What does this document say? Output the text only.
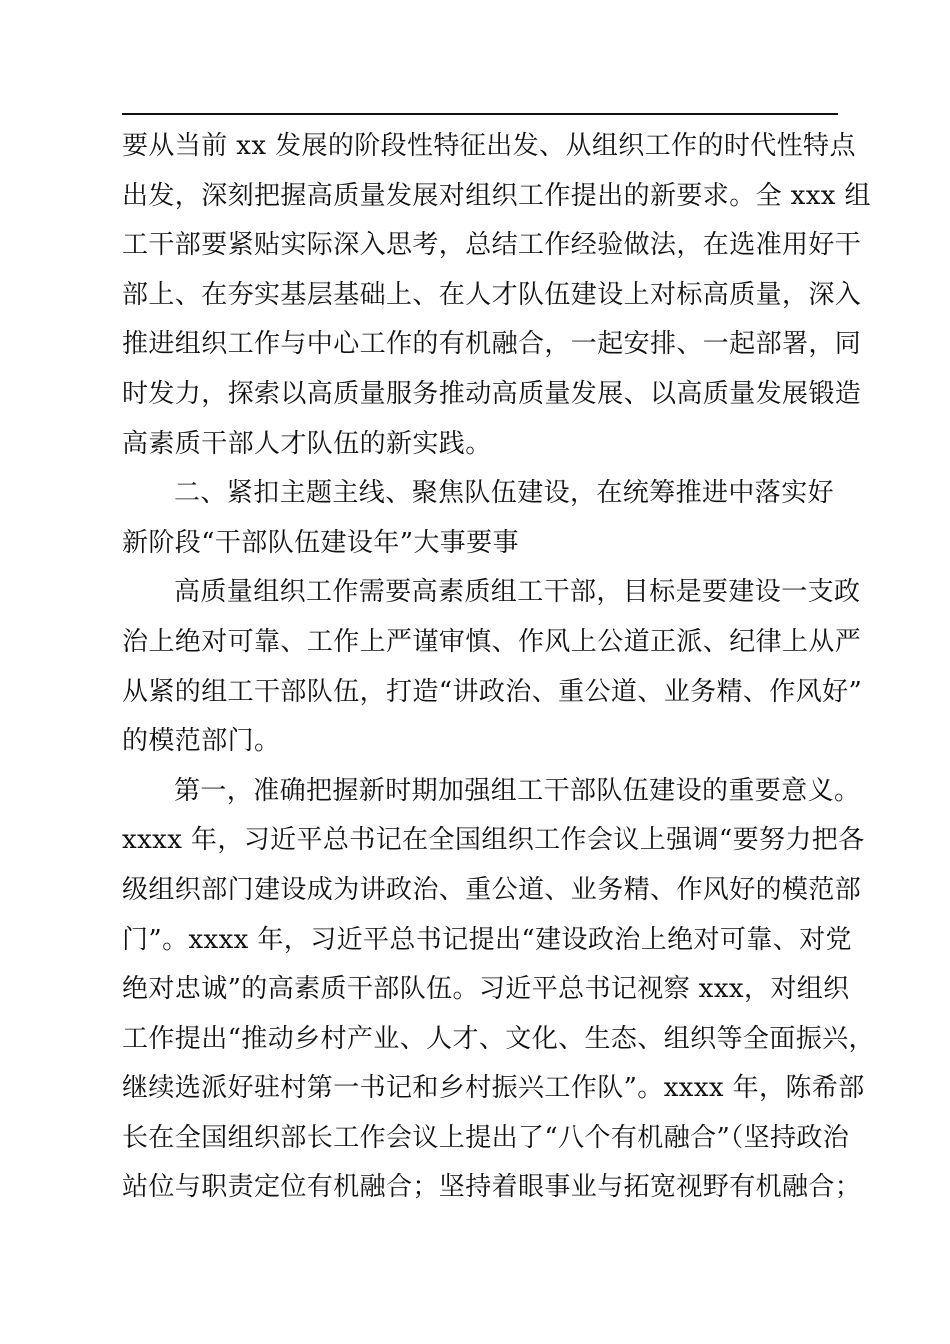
要从当前 xx 发展的阶段性特征出发、从组织工作的时代性特点
出发，深刻把握高质量发展对组织工作提出的新要求。全 xxx 组
工干部要紧贴实际深入思考，总结工作经验做法，在选准用好干
部上、在夯实基层基础上、在人才队伍建设上对标高质量，深入
推进组织工作与中心工作的有机融合，一起安排、一起部署，同
时发力，探索以高质量服务推动高质量发展、以高质量发展锻造
高素质干部人才队伍的新实践。
二、紧扣主题主线、聚焦队伍建设，在统筹推进中落实好
新阶段“干部队伍建设年”大事要事
高质量组织工作需要高素质组工干部，目标是要建设一支政
治上绝对可靠、工作上严谨审慎、作风上公道正派、纪律上从严
从紧的组工干部队伍，打造“讲政治、重公道、业务精、作风好”
的模范部门。
第一，准确把握新时期加强组工干部队伍建设的重要意义。
xxxx 年，习近平总书记在全国组织工作会议上强调“要努力把各
级组织部门建设成为讲政治、重公道、业务精、作风好的模范部
门”。xxxx 年，习近平总书记提出“建设政治上绝对可靠、对党
绝对忠诚”的高素质干部队伍。习近平总书记视察 xxx，对组织
工作提出“推动乡村产业、人才、文化、生态、组织等全面振兴，
继续选派好驻村第一书记和乡村振兴工作队”。xxxx 年，陈希部
长在全国组织部长工作会议上提出了“八个有机融合”（坚持政治
站位与职责定位有机融合；坚持着眼事业与拓宽视野有机融合；
